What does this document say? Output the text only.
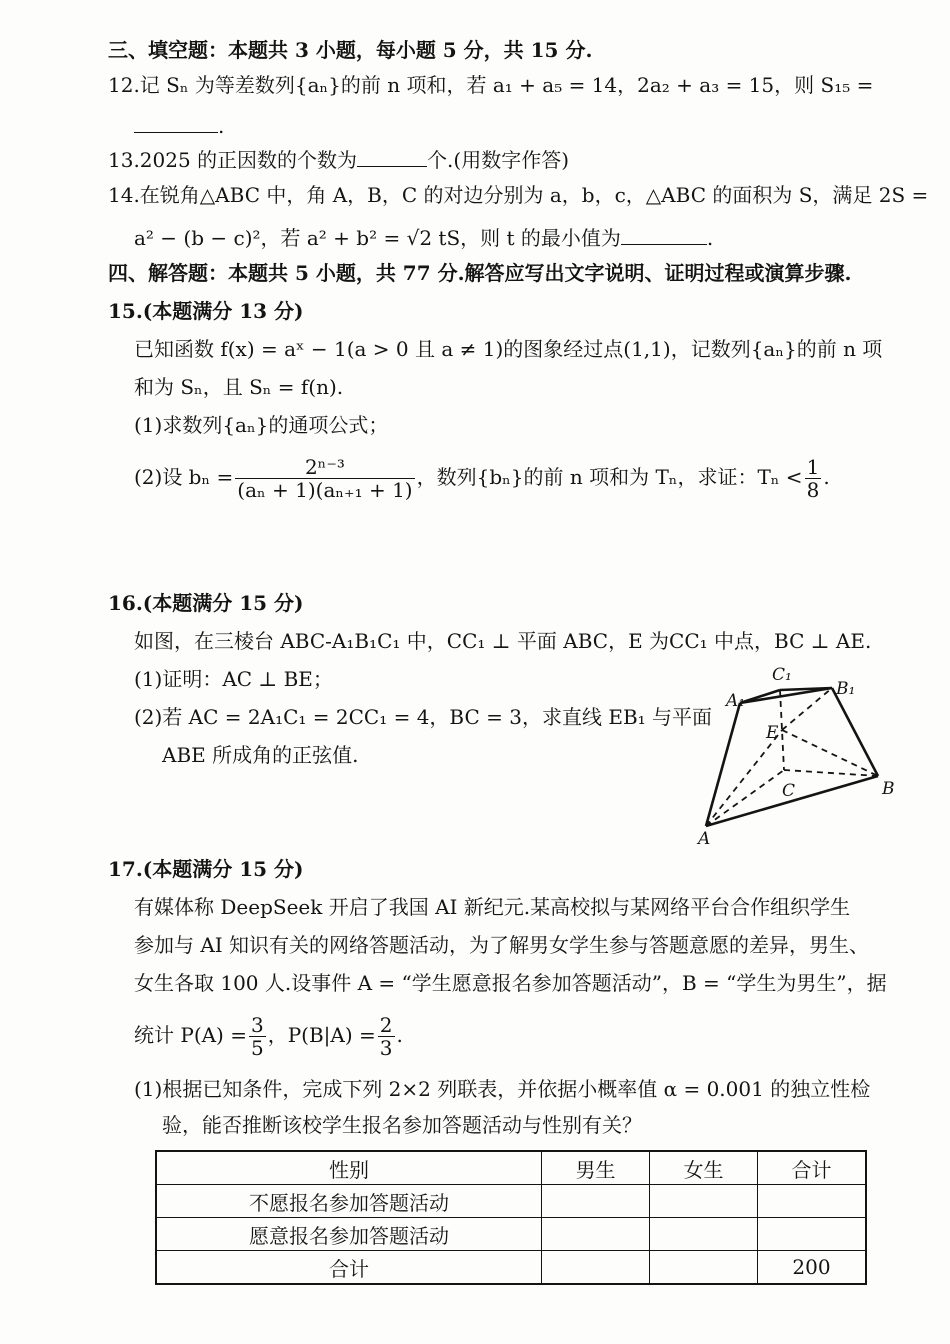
三、填空题：本题共 3 小题，每小题 5 分，共 15 分.
12.记 Sₙ 为等差数列{aₙ}的前 n 项和，若 a₁ + a₅ = 14，2a₂ + a₃ = 15，则 S₁₅ =
.
13.2025 的正因数的个数为	个.(用数字作答)
14.在锐角△ABC 中，角 A，B，C 的对边分别为 a，b，c，△ABC 的面积为 S，满足 2S =
a² − (b − c)²，若 a² + b² = √2 tS，则 t 的最小值为	.
四、解答题：本题共 5 小题，共 77 分.解答应写出文字说明、证明过程或演算步骤.
15.(本题满分 13 分)
已知函数 f(x) = aˣ − 1(a > 0 且 a ≠ 1)的图象经过点(1,1)，记数列{aₙ}的前 n 项
和为 Sₙ，且 Sₙ = f(n).
(1)求数列{aₙ}的通项公式；
(2)设 $b_n = \frac{\text{2ⁿ⁻³}}{\text{(aₙ + 1)(aₙ₊₁ + 1)}}$ ，数列{bₙ}的前 n 项和为 Tₙ，求证：$T_n < \frac{1}{8}$ .
16.(本题满分 15 分)
如图，在三棱台 ABC-A₁B₁C₁ 中，CC₁ ⊥ 平面 ABC，E 为CC₁ 中点，BC ⊥ AE.
(1)证明：AC ⊥ BE；
(2)若 AC = 2A₁C₁ = 2CC₁ = 4，BC = 3，求直线 EB₁ 与平面
ABE 所成角的正弦值.
C₁
A₁
B₁
E
C	B
A
17.(本题满分 15 分)
有媒体称 DeepSeek 开启了我国 AI 新纪元.某高校拟与某网络平台合作组织学生
参加与 AI 知识有关的网络答题活动，为了解男女学生参与答题意愿的差异，男生、
女生各取 100 人.设事件 A = “学生愿意报名参加答题活动”，B = “学生为男生”，据
统计 $P(A) = \frac{3}{5}$ ，$P(B|A) = \frac{2}{3}$ .
(1)根据已知条件，完成下列 2×2 列联表，并依据小概率值 α = 0.001 的独立性检
验，能否推断该校学生报名参加答题活动与性别有关？
性别	男生	女生	合计
不愿报名参加答题活动			
愿意报名参加答题活动			
合计			200
